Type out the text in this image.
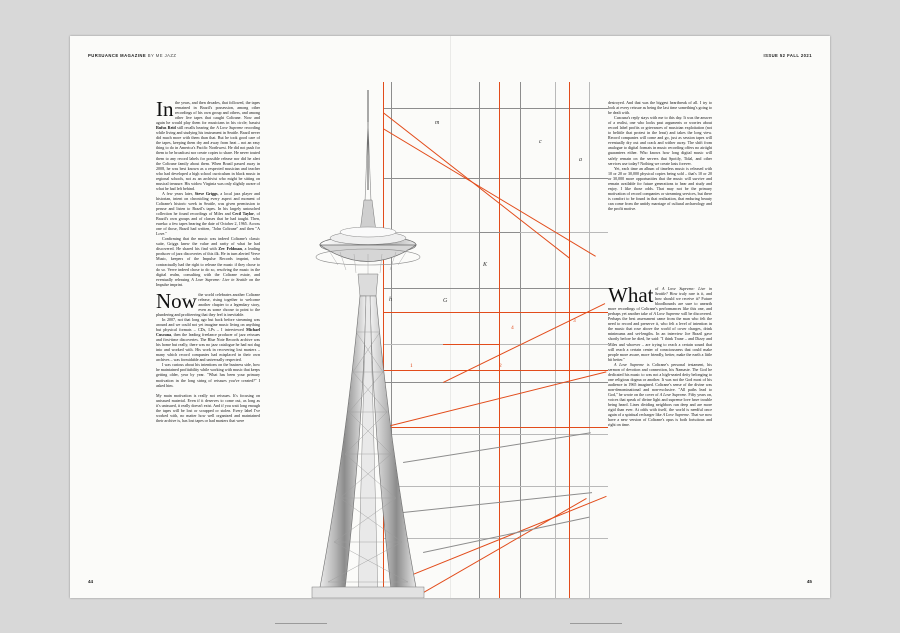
PURSUANCE MAGAZINE BY ME JAZZ	ISSUE 52 FALL 2021
44	45
In the years, and then decades, that followed, the tapes remained in Brazil's possession, among other recordings of his own group and others, and among other live tapes that caught Coltrane. Now and again he would play them for musicians in his circle; bassist Rufus Reid still recalls hearing the A Love Supreme recording while living and studying his instrument in Seattle. Brazil never did much more with them than that. But he took good care of the tapes, keeping them dry and away from heat – not an easy thing to do in America's Pacific Northwest. He did not push for them to be broadcast nor create copies to share. He never touted them to any record labels for possible release nor did he alert the Coltrane family about them. When Brazil passed away in 2008, he was best known as a respected musician and teacher who had developed a high school curriculum in black music in regional schools, not as an archivist who might be sitting on musical treasure. His widow Virginia was only slightly aware of what he had left behind.

A few years later, Steve Griggs, a local jazz player and historian, intent on chronicling every aspect and moment of Coltrane's historic week in Seattle, was given permission to peruse and listen to Brazil's tapes. In his largely untouched collection he found recordings of Miles and Cecil Taylor, of Brazil's own groups and of classes that he had taught. Then, eureka: a few tapes bearing the date of October 2, 1965. Across one of those, Brazil had written, "John Coltrane" and then "A Love."

Confirming that the music was indeed Coltrane's classic suite, Griggs knew the value and rarity of what he had discovered. He shared his find with Zev Feldman, a leading producer of jazz discoveries of this ilk. He in turn alerted Verve Music, keepers of the Impulse Records imprint, who contractually had the right to release the music if they chose to do so. Verve indeed chose to do so, resolving the music in the digital realm, consulting with the Coltrane estate, and eventually releasing A Love Supreme: Live in Seattle on the Impulse imprint.

Now the world celebrates another Coltrane release, rising together to welcome another chapter to a legendary story, even as some choose to point to the plundering and profiteering that they feel is inevitable.

In 2007, not that long ago but back before streaming was around and we could not yet imagine music living on anything but physical formats – CDs, LPs – I interviewed Michael Cuscuna, then the leading freelance producer of jazz reissues and first-time discoveries. The Blue Note Records archive was his home but really, there was no jazz catalogue he had not dug into and worked with. His work in recovering lost masters – many which record companies had misplaced in their own archives – was formidable and universally respected.

I was curious about his intentions on the business side, how he maintained profitability while working with music that keeps getting older, year by year. "What has been your primary motivation in the long string of reissues you've created?" I asked him.

My main motivation is really not reissues. It's focusing on unissued material. Even if it deserves to come out, as long as it's unissued, it really doesn't exist. And if you wait long enough the tapes will be lost or scrapped or stolen. Every label I've worked with, no matter how well organized and maintained their archive is, has lost tapes or had masters that were

destroyed. And that was the biggest heartbreak of all. I try to look at every reissue as being the last time something's going to be dealt with.

Cuscuna's reply stays with me to this day. It was the answer of a realist, one who looks past arguments or worries about record label profits or grievances of musician exploitation (not to belittle that protest in the least) and takes the long view. Record companies will come and go, just as session tapes will eventually dry out and crack and wither away. The shift from analogue to digital formats in music recording offers no airtight guarantees either. Who knows how long digital music will safely remain on the servers that Spotify, Tidal, and other services use today? Nothing we create lasts forever.

Yet, each time an album of timeless music is released with 10 or 20 or 30,000 physical copies being sold – that's 10 or 20 or 30,000 more opportunities that the music will survive and remain available for future generations to hear and study and enjoy. I like those odds. That may not be the primary motivation of record companies or streaming services, but there is comfort to be found in that realization, that enduring beauty can come from the untidy marriage of cultural archaeology and the profit motive.

What of A Love Supreme: Live in Seattle? How truly rare is it, and how should we receive it? Future bloodhounds are sure to unearth more recordings of Coltrane's performances like this one, and perhaps yet another take of A Love Supreme will be discovered. Perhaps the best assessment came from the man who felt the need to record and preserve it, who felt a level of intention in the music that rose above the world of cover charges, drink minimums and set-lengths. In an interview Joe Brazil gave shortly before he died, he said: "I think Trane – and Dizzy and Miles and whoever – are trying to reach a certain sound that will reach a certain center of consciousness that could make people more aware, more friendly, better, make the earth a little bit better."

A Love Supreme is Coltrane's personal testament, his sermon of devotion and connection, his Namaste. The God he dedicated his music to was not a high-seated deity belonging to one religious dogma or another. It was not the God most of his audience in 1965 imagined. Coltrane's sense of the divine was non-denominational and non-exclusive. "All paths lead to God," he wrote on the cover of A Love Supreme. Fifty years on, voices that speak of divine light and supreme love have trouble being heard. Lines dividing neighbors run deep and are more rigid than ever. At odds with itself, the world is needful once again of a spiritual recharger like A Love Supreme. That we now have a new version of Coltrane's opus is both fortuitous and right on time.

m
c
a
K
G
h
4
3
2
1
